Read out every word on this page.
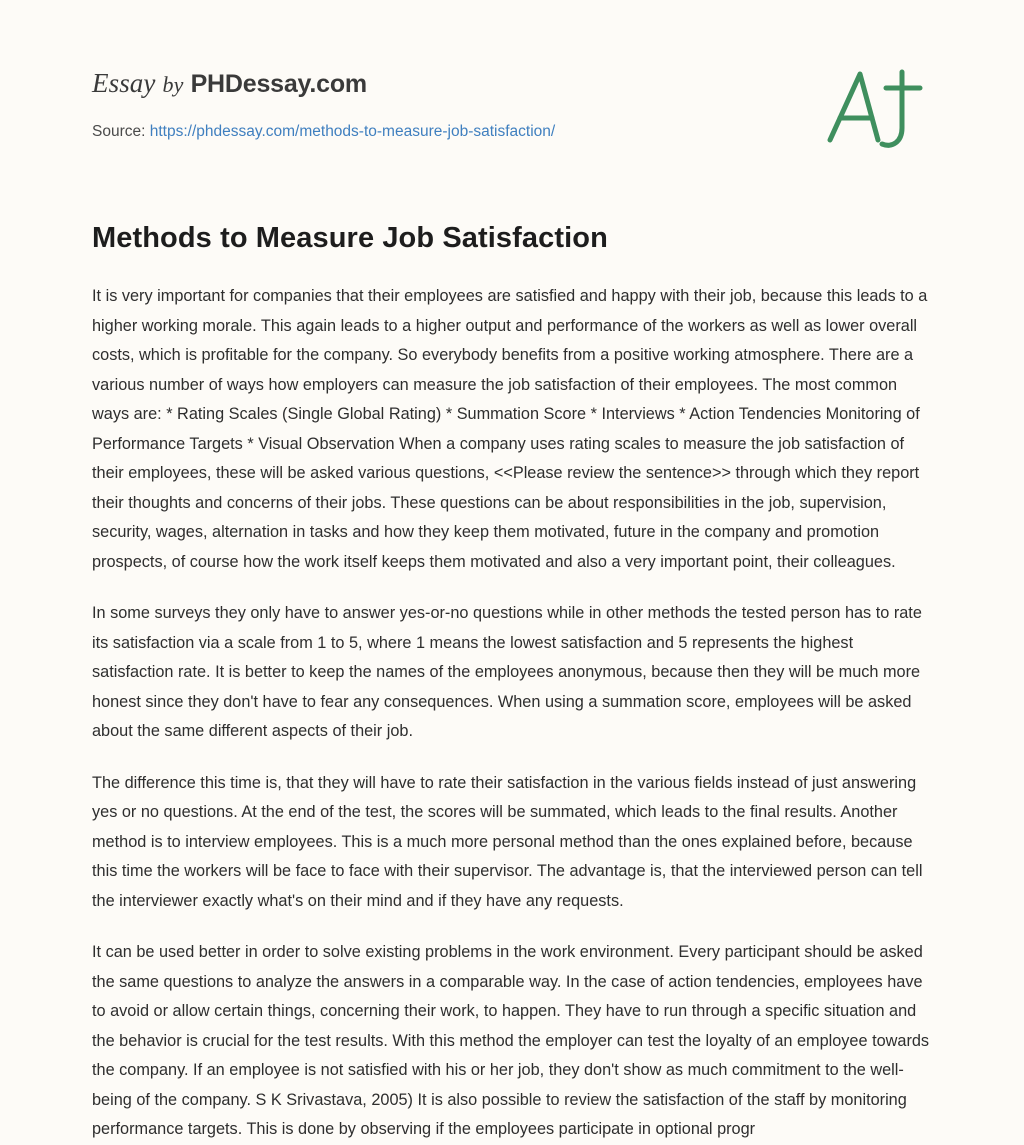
Essay by PHDessay.com
Source: https://phdessay.com/methods-to-measure-job-satisfaction/
Methods to Measure Job Satisfaction

It is very important for companies that their employees are satisfied and happy with their job, because this leads to a higher working morale. This again leads to a higher output and performance of the workers as well as lower overall costs, which is profitable for the company. So everybody benefits from a positive working atmosphere. There are a various number of ways how employers can measure the job satisfaction of their employees. The most common ways are: * Rating Scales (Single Global Rating) * Summation Score * Interviews * Action Tendencies Monitoring of Performance Targets * Visual Observation When a company uses rating scales to measure the job satisfaction of their employees, these will be asked various questions, <<Please review the sentence>> through which they report their thoughts and concerns of their jobs. These questions can be about responsibilities in the job, supervision, security, wages, alternation in tasks and how they keep them motivated, future in the company and promotion prospects, of course how the work itself keeps them motivated and also a very important point, their colleagues.

In some surveys they only have to answer yes-or-no questions while in other methods the tested person has to rate its satisfaction via a scale from 1 to 5, where 1 means the lowest satisfaction and 5 represents the highest satisfaction rate. It is better to keep the names of the employees anonymous, because then they will be much more honest since they don't have to fear any consequences. When using a summation score, employees will be asked about the same different aspects of their job.

The difference this time is, that they will have to rate their satisfaction in the various fields instead of just answering yes or no questions. At the end of the test, the scores will be summated, which leads to the final results. Another method is to interview employees. This is a much more personal method than the ones explained before, because this time the workers will be face to face with their supervisor. The advantage is, that the interviewed person can tell the interviewer exactly what's on their mind and if they have any requests.

It can be used better in order to solve existing problems in the work environment. Every participant should be asked the same questions to analyze the answers in a comparable way. In the case of action tendencies, employees have to avoid or allow certain things, concerning their work, to happen. They have to run through a specific situation and the behavior is crucial for the test results. With this method the employer can test the loyalty of an employee towards the company. If an employee is not satisfied with his or her job, they don't show as much commitment to the well-being of the company. S K Srivastava, 2005) It is also possible to review the satisfaction of the staff by monitoring performance targets. This is done by observing if the employees participate in optional progr
